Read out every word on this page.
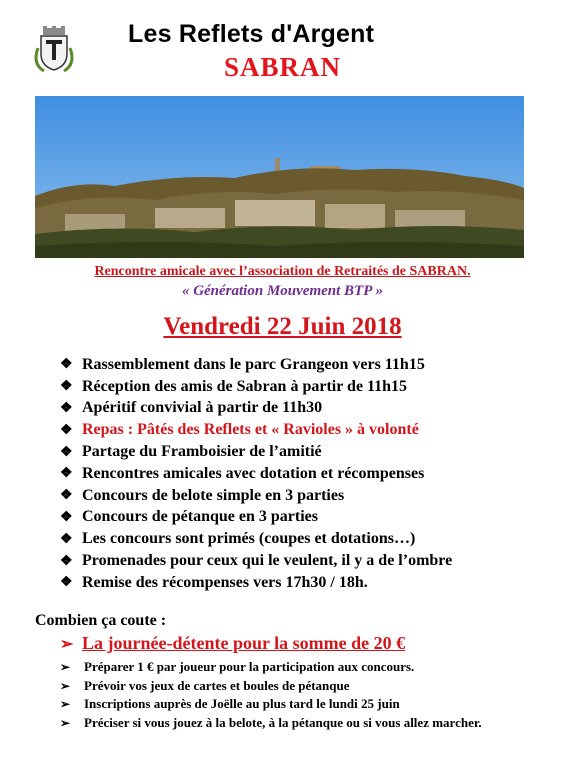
Les Reflets d'Argent
SABRAN
Rencontre amicale avec l’association de Retraités de SABRAN.
« Génération Mouvement BTP »
Vendredi 22 Juin 2018
❖ Rassemblement dans le parc Grangeon vers 11h15
❖ Réception des amis de Sabran à partir de 11h15
❖ Apéritif convivial à partir de 11h30
❖ Repas : Pâtés des Reflets et « Ravioles » à volonté
❖ Partage du Framboisier de l’amitié
❖ Rencontres amicales avec dotation et récompenses
❖ Concours de belote simple en 3 parties
❖ Concours de pétanque en 3 parties
❖ Les concours sont primés (coupes et dotations…)
❖ Promenades pour ceux qui le veulent, il y a de l’ombre
❖ Remise des récompenses vers 17h30 / 18h.
Combien ça coute :
➢ La journée-détente pour la somme de 20 €
➢	Préparer 1 € par joueur pour la participation aux concours.
➢	Prévoir vos jeux de cartes et boules de pétanque
➢	Inscriptions auprès de Joëlle au plus tard le lundi 25 juin
➢	Préciser si vous jouez à la belote, à la pétanque ou si vous allez marcher.
